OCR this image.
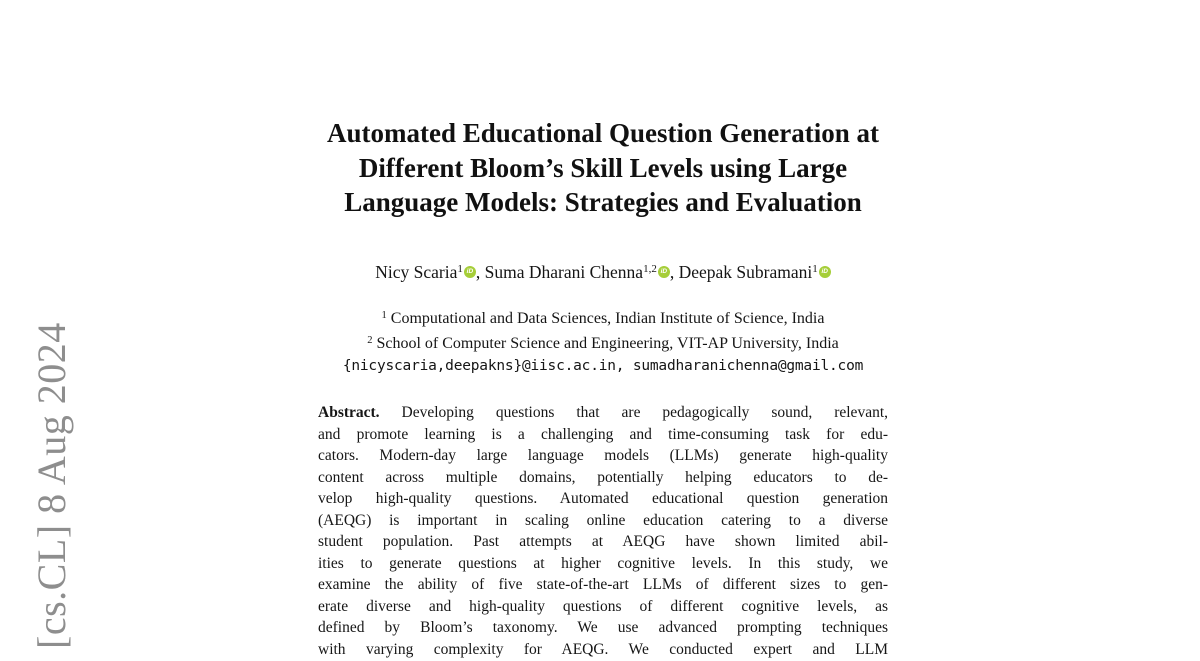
[cs.CL] 8 Aug 2024
Automated Educational Question Generation at
Different Bloom’s Skill Levels using Large
Language Models: Strategies and Evaluation
Nicy Scaria$^1$ iD , Suma Dharani Chenna$^{1,2}$ iD , Deepak Subramani$^1$ iD
$^1$ Computational and Data Sciences, Indian Institute of Science, India
$^2$ School of Computer Science and Engineering, VIT-AP University, India
{nicyscaria,deepakns}@iisc.ac.in, sumadharanichenna@gmail.com
Abstract. Developing questions that are pedagogically sound, relevant,
and promote learning is a challenging and time-consuming task for edu-
cators. Modern-day large language models (LLMs) generate high-quality
content across multiple domains, potentially helping educators to de-
velop high-quality questions. Automated educational question generation
(AEQG) is important in scaling online education catering to a diverse
student population. Past attempts at AEQG have shown limited abil-
ities to generate questions at higher cognitive levels. In this study, we
examine the ability of five state-of-the-art LLMs of different sizes to gen-
erate diverse and high-quality questions of different cognitive levels, as
defined by Bloom’s taxonomy. We use advanced prompting techniques
with varying complexity for AEQG. We conducted expert and LLM
